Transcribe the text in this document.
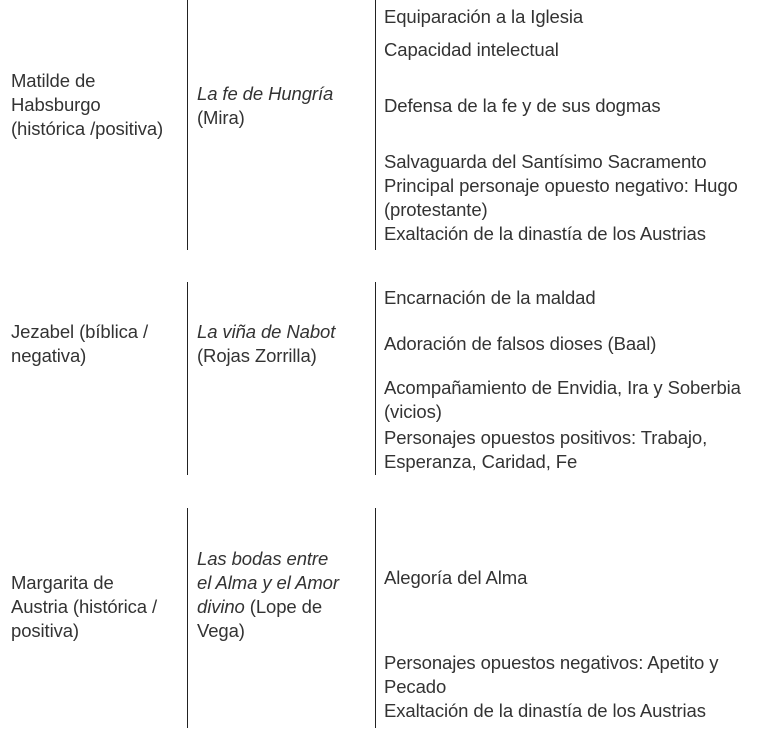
Matilde de
Habsburgo
(histórica /positiva)
La fe de Hungría
(Mira)
Equiparación a la Iglesia
Capacidad intelectual
Defensa de la fe y de sus dogmas
Salvaguarda del Santísimo Sacramento
Principal personaje opuesto negativo: Hugo
(protestante)
Exaltación de la dinastía de los Austrias
Jezabel (bíblica /
negativa)
La viña de Nabot
(Rojas Zorrilla)
Encarnación de la maldad
Adoración de falsos dioses (Baal)
Acompañamiento de Envidia, Ira y Soberbia
(vicios)
Personajes opuestos positivos: Trabajo,
Esperanza, Caridad, Fe
Margarita de
Austria (histórica /
positiva)
Las bodas entre
el Alma y el Amor
divino (Lope de
Vega)
Alegoría del Alma
Personajes opuestos negativos: Apetito y
Pecado
Exaltación de la dinastía de los Austrias
